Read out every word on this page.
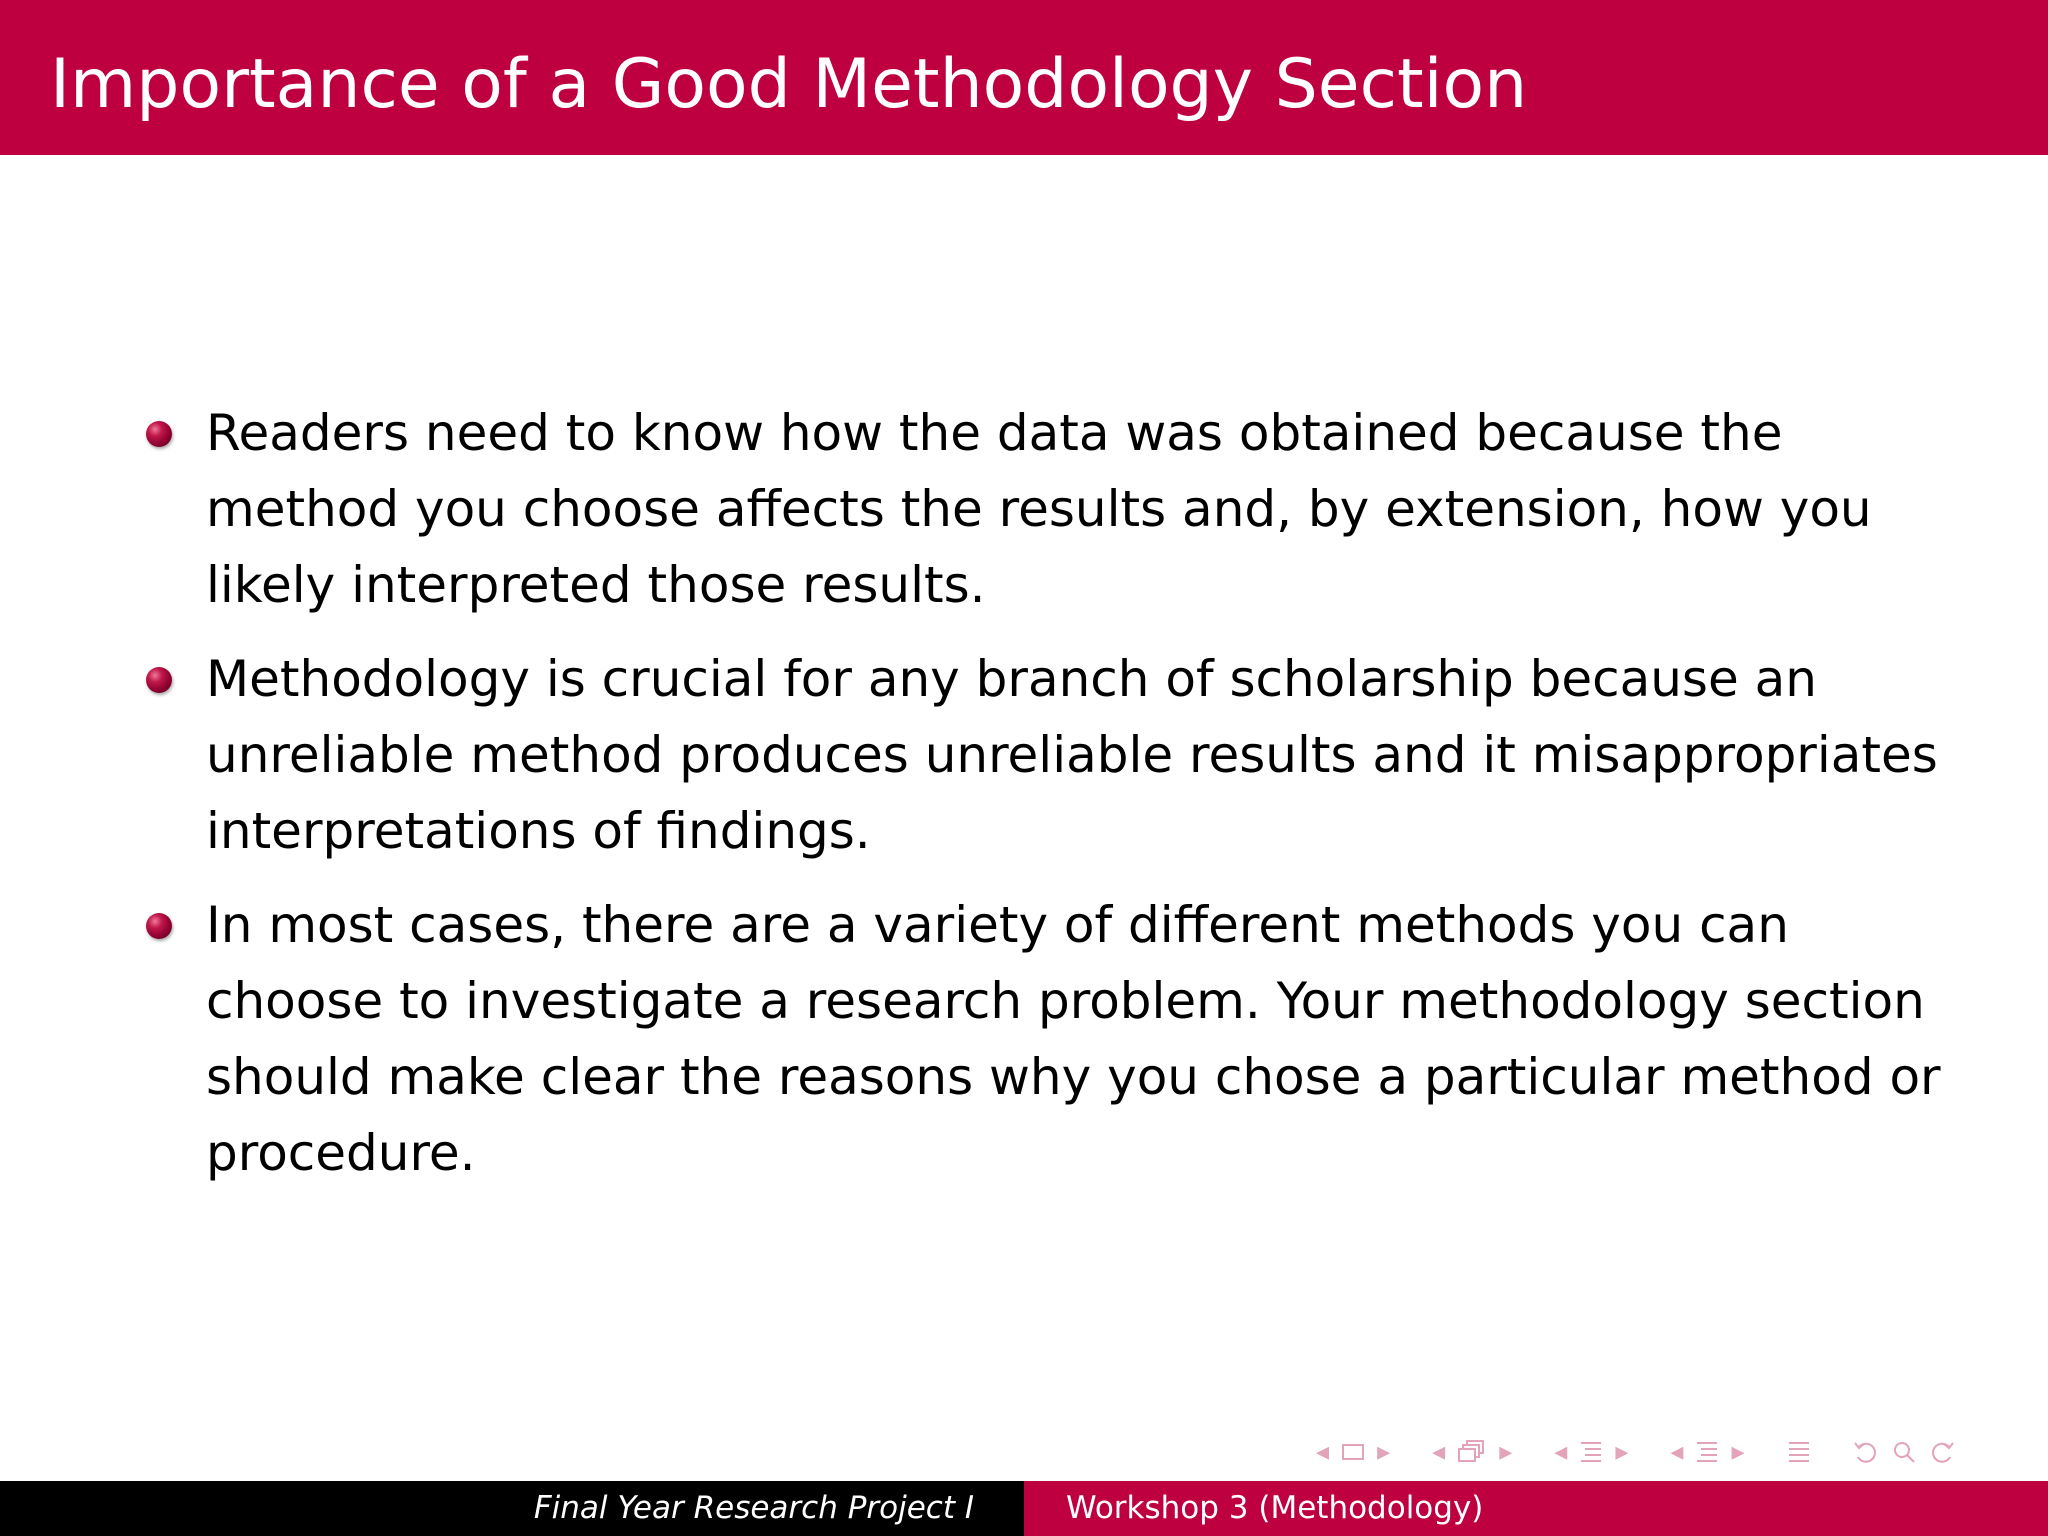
Importance of a Good Methodology Section
Readers need to know how the data was obtained because the method you choose affects the results and, by extension, how you likely interpreted those results.
Methodology is crucial for any branch of scholarship because an unreliable method produces unreliable results and it misappropriates interpretations of findings.
In most cases, there are a variety of different methods you can choose to investigate a research problem. Your methodology section should make clear the reasons why you chose a particular method or procedure.
◂ ▸ ◂ ▸ ◂ ▸ ◂ ▸
Final Year Research Project I	Workshop 3 (Methodology)
